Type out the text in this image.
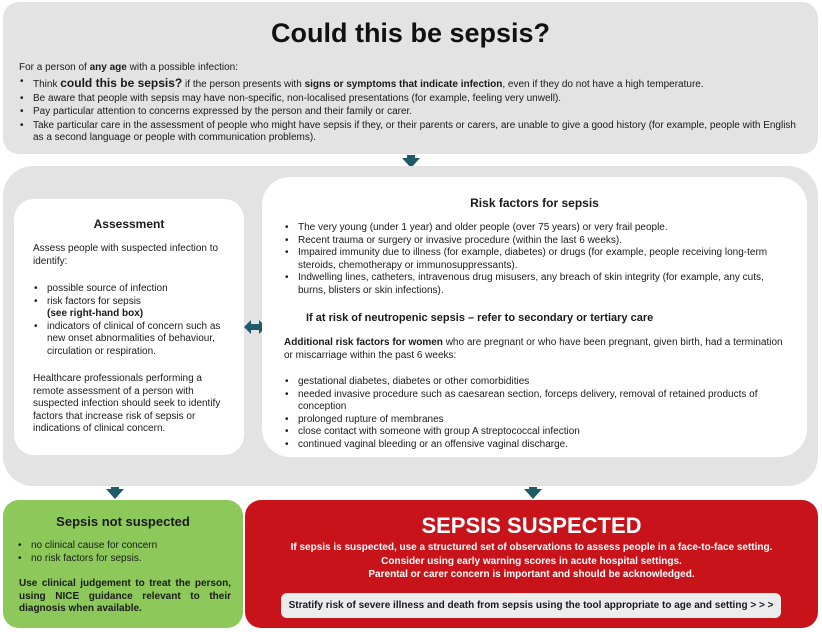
Could this be sepsis?
For a person of any age with a possible infection:
• Think could this be sepsis? if the person presents with signs or symptoms that indicate infection, even if they do not have a high temperature.
• Be aware that people with sepsis may have non-specific, non-localised presentations (for example, feeling very unwell).
• Pay particular attention to concerns expressed by the person and their family or carer.
• Take particular care in the assessment of people who might have sepsis if they, or their parents or carers, are unable to give a good history (for example, people with English as a second language or people with communication problems).
Assessment
Assess people with suspected infection to identify:
• possible source of infection
• risk factors for sepsis
(see right-hand box)
• indicators of clinical of concern such as new onset abnormalities of behaviour, circulation or respiration.
Healthcare professionals performing a remote assessment of a person with suspected infection should seek to identify factors that increase risk of sepsis or indications of clinical concern.
Risk factors for sepsis
• The very young (under 1 year) and older people (over 75 years) or very frail people.
• Recent trauma or surgery or invasive procedure (within the last 6 weeks).
• Impaired immunity due to illness (for example, diabetes) or drugs (for example, people receiving long-term steroids, chemotherapy or immunosuppressants).
• Indwelling lines, catheters, intravenous drug misusers, any breach of skin integrity (for example, any cuts, burns, blisters or skin infections).
If at risk of neutropenic sepsis – refer to secondary or tertiary care
Additional risk factors for women who are pregnant or who have been pregnant, given birth, had a termination or miscarriage within the past 6 weeks:
• gestational diabetes, diabetes or other comorbidities
• needed invasive procedure such as caesarean section, forceps delivery, removal of retained products of conception
• prolonged rupture of membranes
• close contact with someone with group A streptococcal infection
• continued vaginal bleeding or an offensive vaginal discharge.
Sepsis not suspected
• no clinical cause for concern
• no risk factors for sepsis.
Use clinical judgement to treat the person, using NICE guidance relevant to their diagnosis when available.
SEPSIS SUSPECTED
If sepsis is suspected, use a structured set of observations to assess people in a face-to-face setting.
Consider using early warning scores in acute hospital settings.
Parental or carer concern is important and should be acknowledged.
Stratify risk of severe illness and death from sepsis using the tool appropriate to age and setting > > >
